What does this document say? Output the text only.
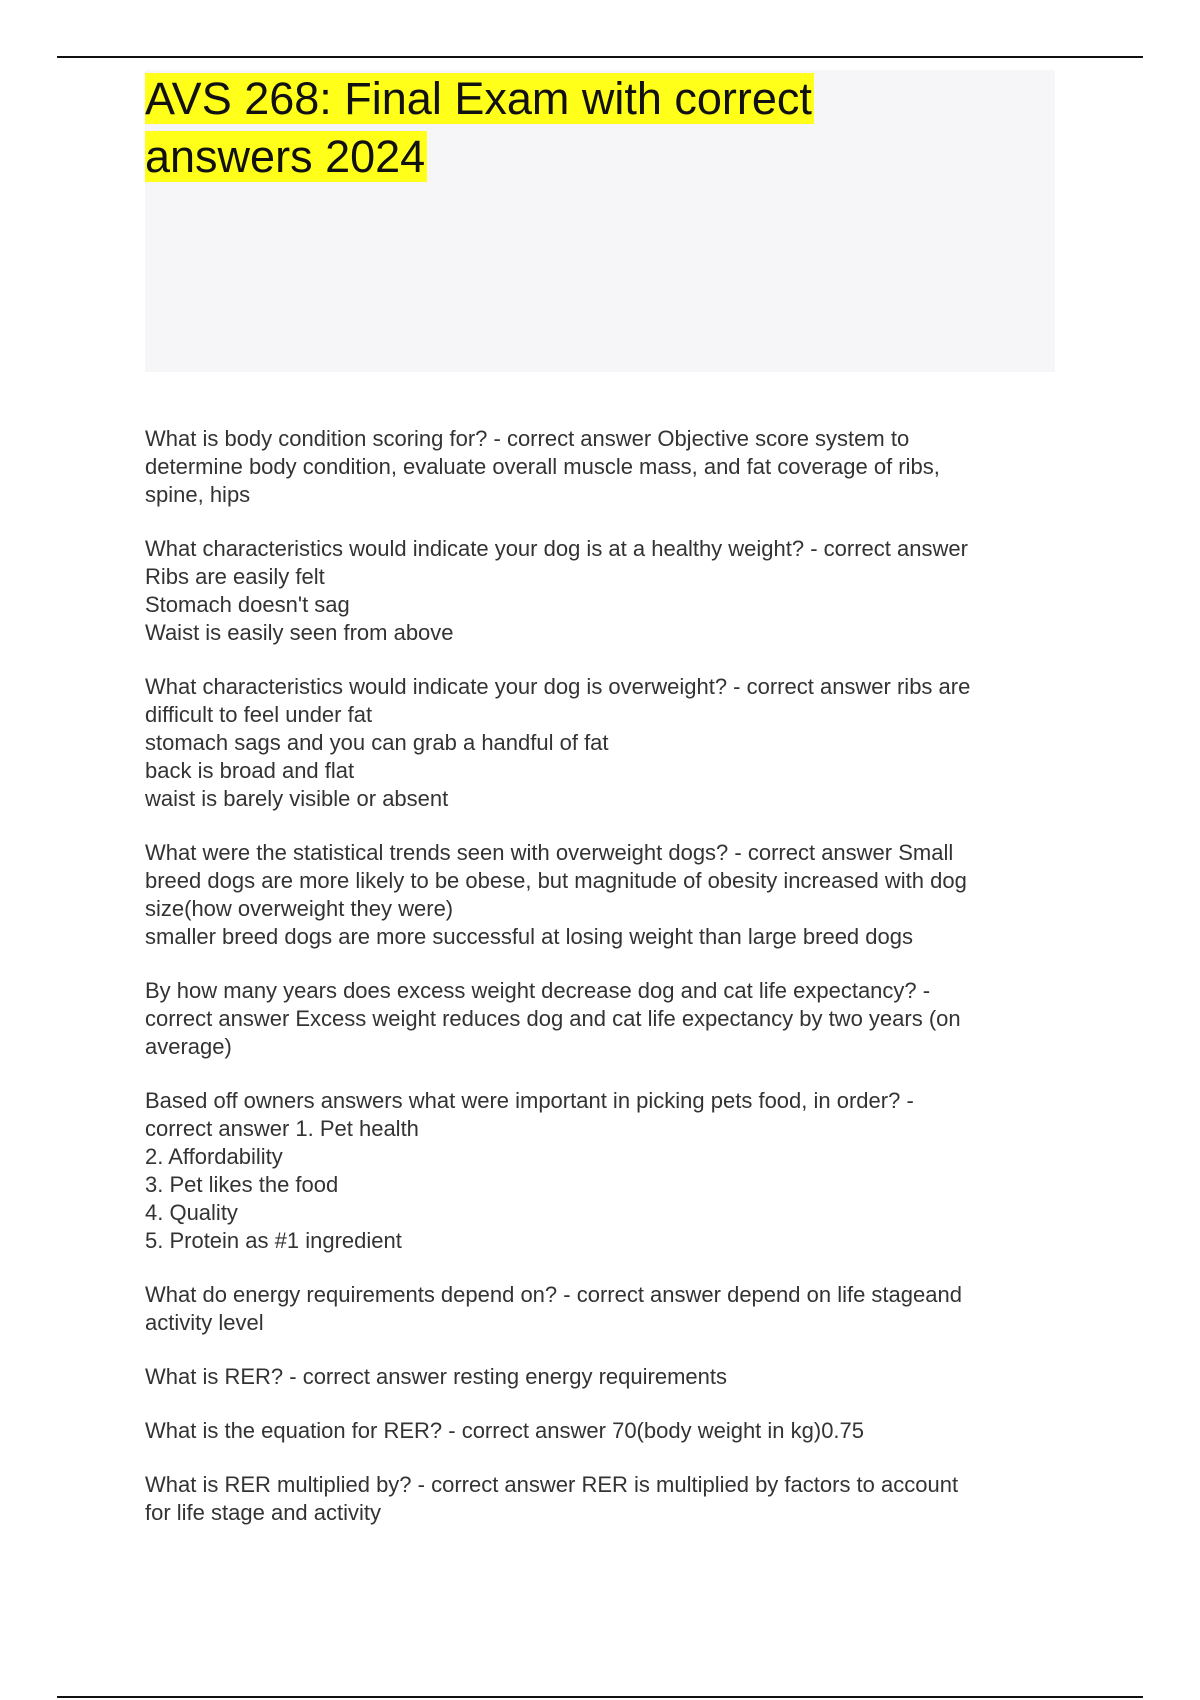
AVS 268: Final Exam with correct
answers 2024
What is body condition scoring for? - correct answer Objective score system to
determine body condition, evaluate overall muscle mass, and fat coverage of ribs,
spine, hips
What characteristics would indicate your dog is at a healthy weight? - correct answer
Ribs are easily felt
Stomach doesn't sag
Waist is easily seen from above
What characteristics would indicate your dog is overweight? - correct answer ribs are
difficult to feel under fat
stomach sags and you can grab a handful of fat
back is broad and flat
waist is barely visible or absent
What were the statistical trends seen with overweight dogs? - correct answer Small
breed dogs are more likely to be obese, but magnitude of obesity increased with dog
size(how overweight they were)
smaller breed dogs are more successful at losing weight than large breed dogs
By how many years does excess weight decrease dog and cat life expectancy? -
correct answer Excess weight reduces dog and cat life expectancy by two years (on
average)
Based off owners answers what were important in picking pets food, in order? -
correct answer 1. Pet health
2. Affordability
3. Pet likes the food
4. Quality
5. Protein as #1 ingredient
What do energy requirements depend on? - correct answer depend on life stageand
activity level
What is RER? - correct answer resting energy requirements
What is the equation for RER? - correct answer 70(body weight in kg)0.75
What is RER multiplied by? - correct answer RER is multiplied by factors to account
for life stage and activity
